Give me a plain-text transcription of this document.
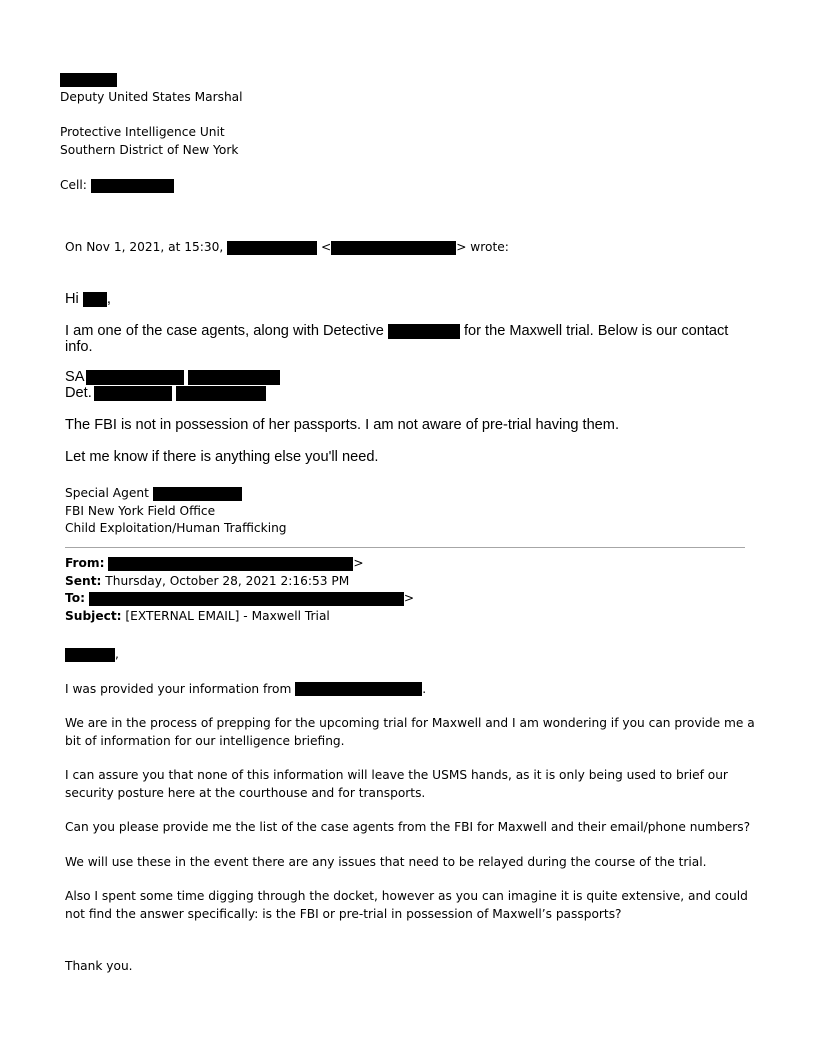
Deputy United States Marshal
Protective Intelligence Unit
Southern District of New York
Cell:
On Nov 1, 2021, at 15:30,	<	> wrote:

Hi ,

I am one of the case agents, along with Detective	for the Maxwell trial. Below is our contact info.

SA

Det.

The FBI is not in possession of her passports. I am not aware of pre-trial having them.

Let me know if there is anything else you'll need.

Special Agent
FBI New York Field Office
Child Exploitation/Human Trafficking
From:	>
Sent: Thursday, October 28, 2021 2:16:53 PM
To:	>
Subject: [EXTERNAL EMAIL] - Maxwell Trial

,

I was provided your information from	.

We are in the process of prepping for the upcoming trial for Maxwell and I am wondering if you can provide me a bit of information for our intelligence briefing.

I can assure you that none of this information will leave the USMS hands, as it is only being used to brief our security posture here at the courthouse and for transports.

Can you please provide me the list of the case agents from the FBI for Maxwell and their email/phone numbers?

We will use these in the event there are any issues that need to be relayed during the course of the trial.

Also I spent some time digging through the docket, however as you can imagine it is quite extensive, and could not find the answer specifically: is the FBI or pre-trial in possession of Maxwell’s passports?

Thank you.
